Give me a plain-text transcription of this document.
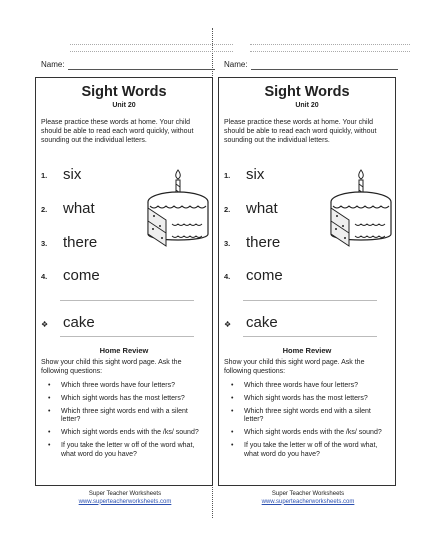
Name:
Sight Words
Unit 20
Please practice these words at home. Your child should be able to read each word quickly, without sounding out the individual letters.
1. six
2. what
3. there
4. come
❖ cake
Home Review
Show your child this sight word page. Ask the following questions:
• Which three words have four letters?
• Which sight words has the most letters?
• Which three sight words end with a silent letter?
• Which sight words ends with the /ks/ sound?
• If you take the letter w off of the word what, what word do you have?
Super Teacher Worksheets
www.superteacherworksheets.com
Name:
Sight Words
Unit 20
Please practice these words at home. Your child should be able to read each word quickly, without sounding out the individual letters.
1. six
2. what
3. there
4. come
❖ cake
Home Review
Show your child this sight word page. Ask the following questions:
• Which three words have four letters?
• Which sight words has the most letters?
• Which three sight words end with a silent letter?
• Which sight words ends with the /ks/ sound?
• If you take the letter w off of the word what, what word do you have?
Super Teacher Worksheets
www.superteacherworksheets.com
